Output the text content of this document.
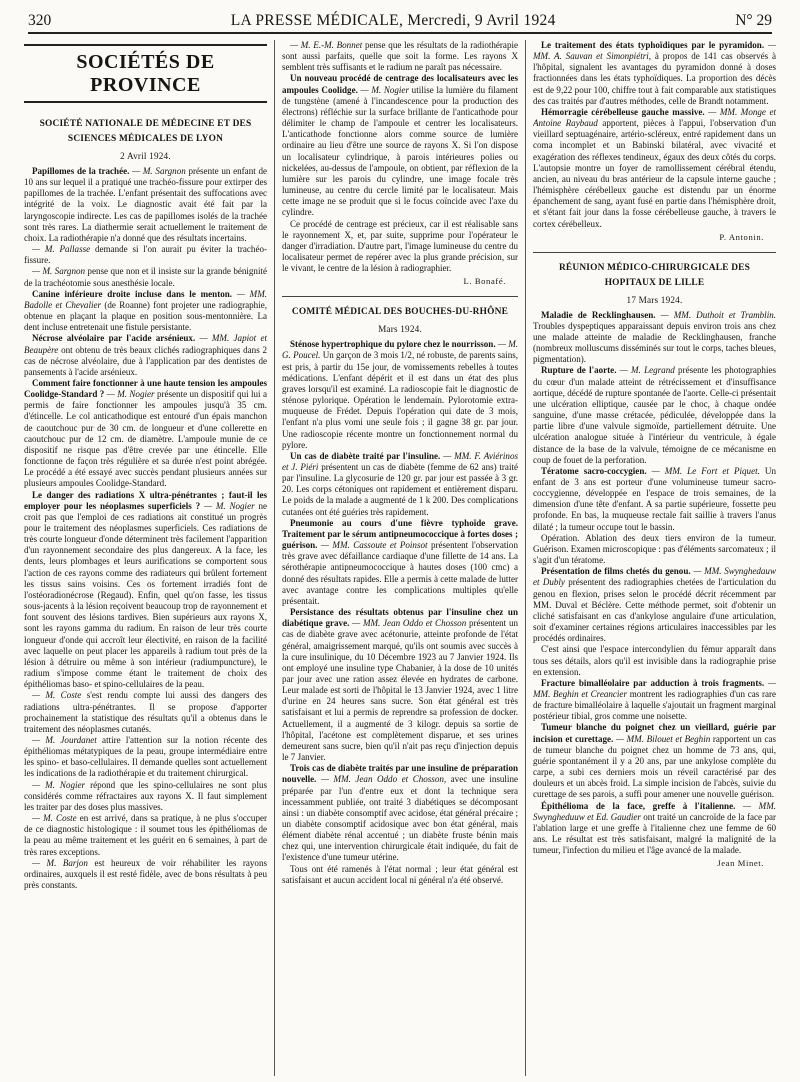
320	LA PRESSE MÉDICALE, Mercredi, 9 Avril 1924	N° 29
SOCIÉTÉS DE PROVINCE
SOCIÉTÉ NATIONALE DE MÉDECINE ET DES SCIENCES MÉDICALES DE LYON
2 Avril 1924.

Papillomes de la trachée. — M. Sargnon présente un enfant de 10 ans sur lequel il a pratiqué une trachéo-fissure pour extirper des papillomes de la trachée. L'enfant présentait des suffocations avec intégrité de la voix. Le diagnostic avait été fait par la laryngoscopie indirecte. Les cas de papillomes isolés de la trachée sont très rares. La diathermie serait actuellement le traitement de choix. La radiothérapie n'a donné que des résultats incertains.

— M. Pallasse demande si l'on aurait pu éviter la trachéo-fissure.

— M. Sargnon pense que non et il insiste sur la grande bénignité de la trachéotomie sous anesthésie locale.

Canine inférieure droite incluse dans le menton. — MM. Badolle et Chevalier (de Roanne) font projeter une radiographie, obtenue en plaçant la plaque en position sous-mentonnière. La dent incluse entretenait une fistule persistante.

Nécrose alvéolaire par l'acide arsénieux. — MM. Japiot et Beaupère ont obtenu de très beaux clichés radiographiques dans 2 cas de nécrose alvéolaire, due à l'application par des dentistes de pansements à l'acide arsénieux.

Comment faire fonctionner à une haute tension les ampoules Coolidge-Standard ? — M. Nogier présente un dispositif qui lui a permis de faire fonctionner les ampoules jusqu'à 35 cm. d'étincelle. Le col anticathodique est entouré d'un épais manchon de caoutchouc pur de 30 cm. de longueur et d'une collerette en caoutchouc pur de 12 cm. de diamètre. L'ampoule munie de ce dispositif ne risque pas d'être crevée par une étincelle. Elle fonctionne de façon très régulière et sa durée n'est point abrégée. Le procédé a été essayé avec succès pendant plusieurs années sur plusieurs ampoules Coolidge-Standard.

Le danger des radiations X ultra-pénétrantes ; faut-il les employer pour les néoplasmes superficiels ? — M. Nogier ne croit pas que l'emploi de ces radiations ait constitué un progrès pour le traitement des néoplasmes superficiels. Ces radiations de très courte longueur d'onde déterminent très facilement l'apparition d'un rayonnement secondaire des plus dangereux. A la face, les dents, leurs plombages et leurs aurifications se comportent sous l'action de ces rayons comme des radiateurs qui brûlent fortement les tissus sains voisins. Ces os fortement irradiés font de l'ostéoradionécrose (Regaud). Enfin, quel qu'on fasse, les tissus sous-jacents à la lésion reçoivent beaucoup trop de rayonnement et font souvent des lésions tardives. Bien supérieurs aux rayons X, sont les rayons gamma du radium. En raison de leur très courte longueur d'onde qui accroît leur électivité, en raison de la facilité avec laquelle on peut placer les appareils à radium tout près de la lésion à détruire ou même à son intérieur (radiumpuncture), le radium s'impose comme étant le traitement de choix des épithéliomas baso- et spino-cellulaires de la peau.

— M. Coste s'est rendu compte lui aussi des dangers des radiations ultra-pénétrantes. Il se propose d'apporter prochainement la statistique des résultats qu'il a obtenus dans le traitement des néoplasmes cutanés.

— M. Jourdanet attire l'attention sur la notion récente des épithéliomas métatypiques de la peau, groupe intermédiaire entre les spino- et baso-cellulaires. Il demande quelles sont actuellement les indications de la radiothérapie et du traitement chirurgical.

— M. Nogier répond que les spino-cellulaires ne sont plus considérés comme réfractaires aux rayons X. Il faut simplement les traiter par des doses plus massives.

— M. Coste en est arrivé, dans sa pratique, à ne plus s'occuper de ce diagnostic histologique : il soumet tous les épithéliomas de la peau au même traitement et les guérit en 6 semaines, à part de très rares exceptions.

— M. Barjon est heureux de voir réhabiliter les rayons ordinaires, auxquels il est resté fidèle, avec de bons résultats à peu près constants.

— M. E.-M. Bonnet pense que les résultats de la radiothérapie sont aussi parfaits, quelle que soit la forme. Les rayons X semblent très suffisants et le radium ne paraît pas nécessaire.

Un nouveau procédé de centrage des localisateurs avec les ampoules Coolidge. — M. Nogier utilise la lumière du filament de tungstène (amené à l'incandescence pour la production des électrons) réfléchie sur la surface brillante de l'anticathode pour délimiter le champ de l'ampoule et centrer les localisateurs. L'anticathode fonctionne alors comme source de lumière ordinaire au lieu d'être une source de rayons X. Si l'on dispose un localisateur cylindrique, à parois intérieures polies ou nickelées, au-dessus de l'ampoule, on obtient, par réflexion de la lumière sur les parois du cylindre, une image focale très lumineuse, au centre du cercle limité par le localisateur. Mais cette image ne se produit que si le focus coïncide avec l'axe du cylindre.

Ce procédé de centrage est précieux, car il est réalisable sans le rayonnement X, et, par suite, supprime pour l'opérateur le danger d'irradiation. D'autre part, l'image lumineuse du centre du localisateur permet de repérer avec la plus grande précision, sur le vivant, le centre de la lésion à radiographier.

L. Bonafé.
COMITÉ MÉDICAL DES BOUCHES-DU-RHÔNE
Mars 1924.

Sténose hypertrophique du pylore chez le nourrisson. — M. G. Poucel. Un garçon de 3 mois 1/2, né robuste, de parents sains, est pris, à partir du 15e jour, de vomissements rebelles à toutes médications. L'enfant dépérit et il est dans un état des plus graves lorsqu'il est examiné. La radioscopie fait le diagnostic de sténose pylorique. Opération le lendemain. Pylorotomie extra-muqueuse de Frédet. Depuis l'opération qui date de 3 mois, l'enfant n'a plus vomi une seule fois ; il gagne 38 gr. par jour. Une radioscopie récente montre un fonctionnement normal du pylore.

Un cas de diabète traité par l'insuline. — MM. F. Aviérinos et J. Piéri présentent un cas de diabète (femme de 62 ans) traité par l'insuline. La glycosurie de 120 gr. par jour est passée à 3 gr. 20. Les corps cétoniques ont rapidement et entièrement disparu. Le poids de la malade a augmenté de 1 k 200. Des complications cutanées ont été guéries très rapidement.

Pneumonie au cours d'une fièvre typhoïde grave. Traitement par le sérum antipneumococcique à fortes doses ; guérison. — MM. Cassoute et Poinsot présentent l'observation très grave avec défaillance cardiaque d'une fillette de 14 ans. La sérothérapie antipneumococcique à hautes doses (100 cmc) a donné des résultats rapides. Elle a permis à cette malade de lutter avec avantage contre les complications multiples qu'elle présentait.

Persistance des résultats obtenus par l'insuline chez un diabétique grave. — MM. Jean Oddo et Chosson présentent un cas de diabète grave avec acétonurie, atteinte profonde de l'état général, amaigrissement marqué, qu'ils ont soumis avec succès à la cure insulinique, du 10 Décembre 1923 au 7 Janvier 1924. Ils ont employé une insuline type Chabanier, à la dose de 10 unités par jour avec une ration assez élevée en hydrates de carbone. Leur malade est sorti de l'hôpital le 13 Janvier 1924, avec 1 litre d'urine en 24 heures sans sucre. Son état général est très satisfaisant et lui a permis de reprendre sa profession de docker. Actuellement, il a augmenté de 3 kilogr. depuis sa sortie de l'hôpital, l'acétone est complètement disparue, et ses urines demeurent sans sucre, bien qu'il n'ait pas reçu d'injection depuis le 7 Janvier.

Trois cas de diabète traités par une insuline de préparation nouvelle. — MM. Jean Oddo et Chosson, avec une insuline préparée par l'un d'entre eux et dont la technique sera incessamment publiée, ont traité 3 diabétiques se décomposant ainsi : un diabète consomptif avec acidose, état général précaire ; un diabète consomptif acidosique avec bon état général, mais élément diabète rénal accentué ; un diabète fruste bénin mais chez qui, une intervention chirurgicale était indiquée, du fait de l'existence d'une tumeur utérine.

Tous ont été ramenés à l'état normal ; leur état général est satisfaisant et aucun accident local ni général n'a été observé.

Le traitement des états typhoïdiques par le pyramidon. — MM. A. Sauvan et Simonpiétri, à propos de 141 cas observés à l'hôpital, signalent les avantages du pyramidon donné à doses fractionnées dans les états typhoïdiques. La proportion des décès est de 9,22 pour 100, chiffre tout à fait comparable aux statistiques des cas traités par d'autres méthodes, celle de Brandt notamment.

Hémorragie cérébelleuse gauche massive. — MM. Monge et Antoine Raybaud apportent, pièces à l'appui, l'observation d'un vieillard septuagénaire, artério-scléreux, entré rapidement dans un coma incomplet et un Babinski bilatéral, avec vivacité et exagération des réflexes tendineux, égaux des deux côtés du corps. L'autopsie montre un foyer de ramollissement cérébral étendu, ancien, au niveau du bras antérieur de la capsule interne gauche ; l'hémisphère cérébelleux gauche est distendu par un énorme épanchement de sang, ayant fusé en partie dans l'hémisphère droit, et s'étant fait jour dans la fosse cérébelleuse gauche, à travers le cortex cérébelleux.

P. Antonin.
RÉUNION MÉDICO-CHIRURGICALE DES HOPITAUX DE LILLE
17 Mars 1924.

Maladie de Recklinghausen. — MM. Duthoit et Tramblin. Troubles dyspeptiques apparaissant depuis environ trois ans chez une malade atteinte de maladie de Recklinghausen, franche (nombreux molluscums disséminés sur tout le corps, taches bleues, pigmentation).

Rupture de l'aorte. — M. Legrand présente les photographies du cœur d'un malade atteint de rétrécissement et d'insuffisance aortique, décédé de rupture spontanée de l'aorte. Celle-ci présentait une ulcération elliptique, causée par le choc, à chaque ondée sanguine, d'une masse crétacée, pédiculée, développée dans la partie libre d'une valvule sigmoïde, partiellement détruite. Une ulcération analogue située à l'intérieur du ventricule, à égale distance de la base de la valvule, témoigne de ce mécanisme en coup de fouet de la perforation.

Tératome sacro-coccygien. — MM. Le Fort et Piquet. Un enfant de 3 ans est porteur d'une volumineuse tumeur sacro-coccygienne, développée en l'espace de trois semaines, de la dimension d'une tête d'enfant. A sa partie supérieure, fossette peu profonde. En bas, la muqueuse rectale fait saillie à travers l'anus dilaté ; la tumeur occupe tout le bassin.

Opération. Ablation des deux tiers environ de la tumeur. Guérison. Examen microscopique : pas d'éléments sarcomateux ; il s'agit d'un tératome.

Présentation de films chetés du genou. — MM. Swynghedauw et Dubly présentent des radiographies chetées de l'articulation du genou en flexion, prises selon le procédé décrit récemment par MM. Duval et Béclère. Cette méthode permet, soit d'obtenir un cliché satisfaisant en cas d'ankylose angulaire d'une articulation, soit d'examiner certaines régions articulaires inaccessibles par les procédés ordinaires.

C'est ainsi que l'espace intercondylien du fémur apparaît dans tous ses détails, alors qu'il est invisible dans la radiographie prise en extension.

Fracture bimalléolaire par adduction à trois fragments. — MM. Beghin et Creancier montrent les radiographies d'un cas rare de fracture bimalléolaire à laquelle s'ajoutait un fragment marginal postérieur tibial, gros comme une noisette.

Tumeur blanche du poignet chez un vieillard, guérie par incision et curettage. — MM. Bilouet et Beghin rapportent un cas de tumeur blanche du poignet chez un homme de 73 ans, qui, guérie spontanément il y a 20 ans, par une ankylose complète du carpe, a subi ces derniers mois un réveil caractérisé par des douleurs et un abcès froid. La simple incision de l'abcès, suivie du curettage de ses parois, a suffi pour amener une nouvelle guérison.

Épithélioma de la face, greffe à l'italienne. — MM. Swyngheduuw et Ed. Gaudier ont traité un cancroïde de la face par l'ablation large et une greffe à l'italienne chez une femme de 60 ans. Le résultat est très satisfaisant, malgré la malignité de la tumeur, l'infection du milieu et l'âge avancé de la malade.

Jean Minet.
